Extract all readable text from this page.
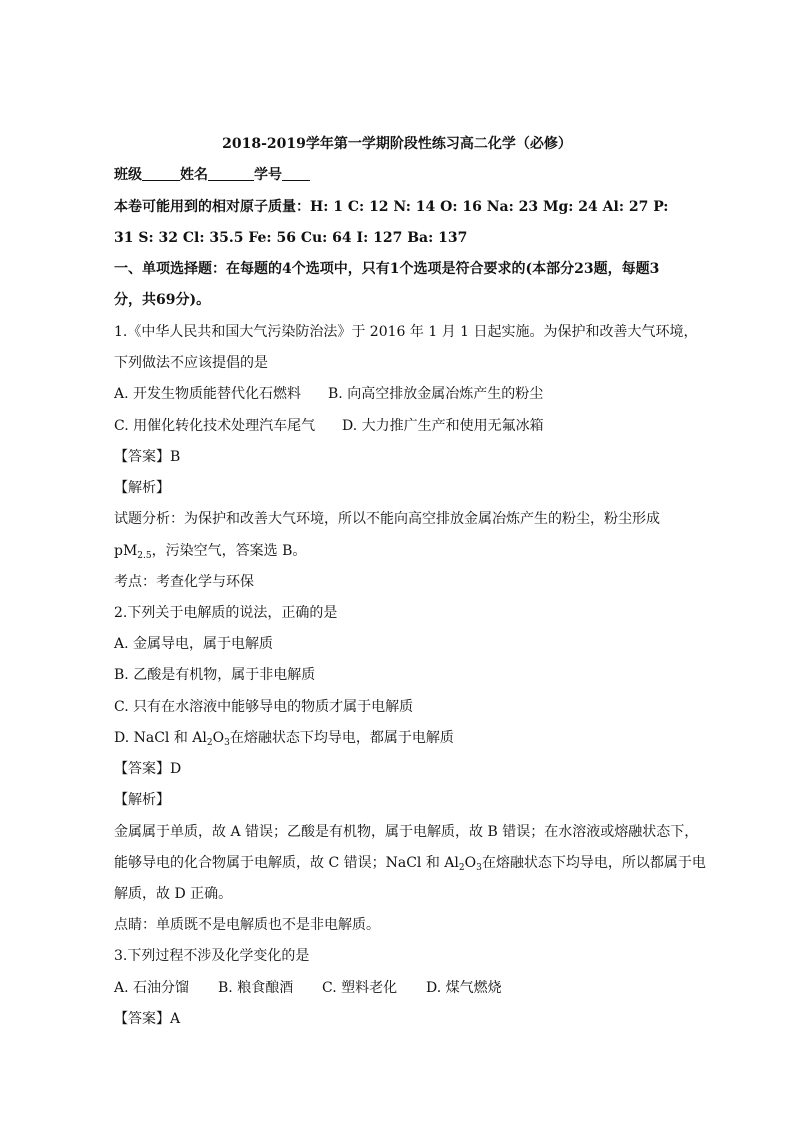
2018-2019学年第一学期阶段性练习高二化学（必修）
班级	姓名	学号
本卷可能用到的相对原子质量：H: 1 C: 12 N: 14 O: 16 Na: 23 Mg: 24 Al: 27 P:
31 S: 32 Cl: 35.5 Fe: 56 Cu: 64 I: 127 Ba: 137
一、单项选择题：在每题的4个选项中，只有1个选项是符合要求的(本部分23题，每题3
分，共69分)。
1.《中华人民共和国大气污染防治法》于 2016 年 1 月 1 日起实施。为保护和改善大气环境，
下列做法不应该提倡的是
A. 开发生物质能替代化石燃料 B. 向高空排放金属冶炼产生的粉尘
C. 用催化转化技术处理汽车尾气 D. 大力推广生产和使用无氟冰箱
【答案】B
【解析】
试题分析：为保护和改善大气环境，所以不能向高空排放金属冶炼产生的粉尘，粉尘形成
$pM_{2.5}$，污染空气，答案选 B。
考点：考查化学与环保
2.下列关于电解质的说法，正确的是
A. 金属导电，属于电解质
B. 乙酸是有机物，属于非电解质
C. 只有在水溶液中能够导电的物质才属于电解质
D. NaCl 和 $Al_2O_3$在熔融状态下均导电，都属于电解质
【答案】D
【解析】
金属属于单质，故 A 错误；乙酸是有机物，属于电解质，故 B 错误；在水溶液或熔融状态下，
能够导电的化合物属于电解质，故 C 错误；NaCl 和 $Al_2O_3$在熔融状态下均导电，所以都属于电
解质，故 D 正确。
点睛：单质既不是电解质也不是非电解质。
3.下列过程不涉及化学变化的是
A. 石油分馏 B. 粮食酿酒 C. 塑料老化 D. 煤气燃烧
【答案】A
